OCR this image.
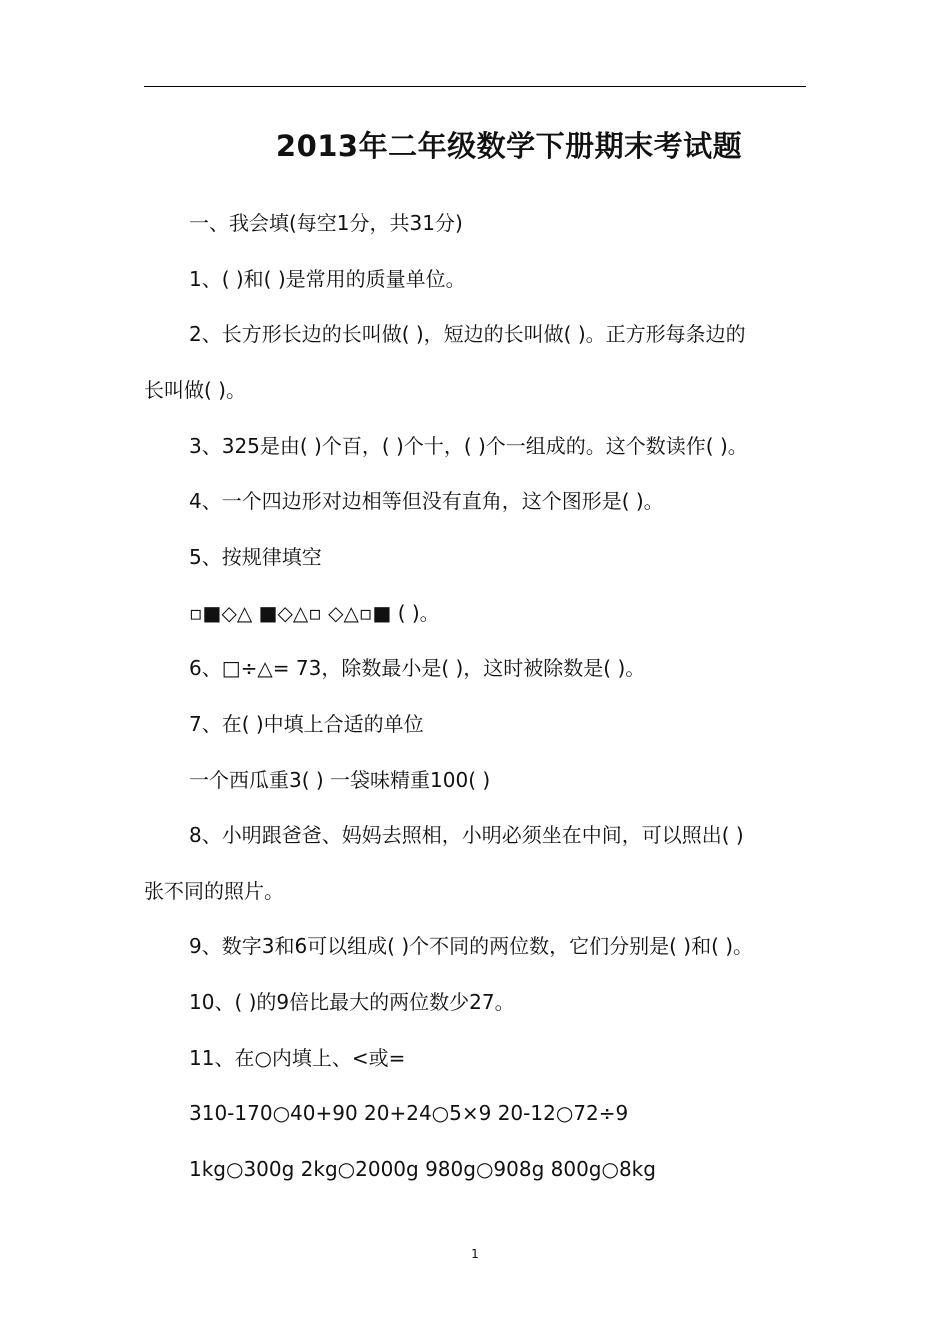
2013年二年级数学下册期末考试题
一、我会填(每空1分，共31分)
1、( )和( )是常用的质量单位。
2、长方形长边的长叫做( )，短边的长叫做( )。正方形每条边的
长叫做( )。
3、325是由( )个百，( )个十，( )个一组成的。这个数读作( )。
4、一个四边形对边相等但没有直角，这个图形是( )。
5、按规律填空
▫■◇△ ■◇△▫ ◇△▫■ ( )。
6、□÷△= 73，除数最小是( )，这时被除数是( )。
7、在( )中填上合适的单位
一个西瓜重3( ) 一袋味精重100( )
8、小明跟爸爸、妈妈去照相，小明必须坐在中间，可以照出( )
张不同的照片。
9、数字3和6可以组成( )个不同的两位数，它们分别是( )和( )。
10、( )的9倍比最大的两位数少27。
11、在○内填上、<或=
310-170○40+90 20+24○5×9 20-12○72÷9
1kg○300g 2kg○2000g 980g○908g 800g○8kg
1
